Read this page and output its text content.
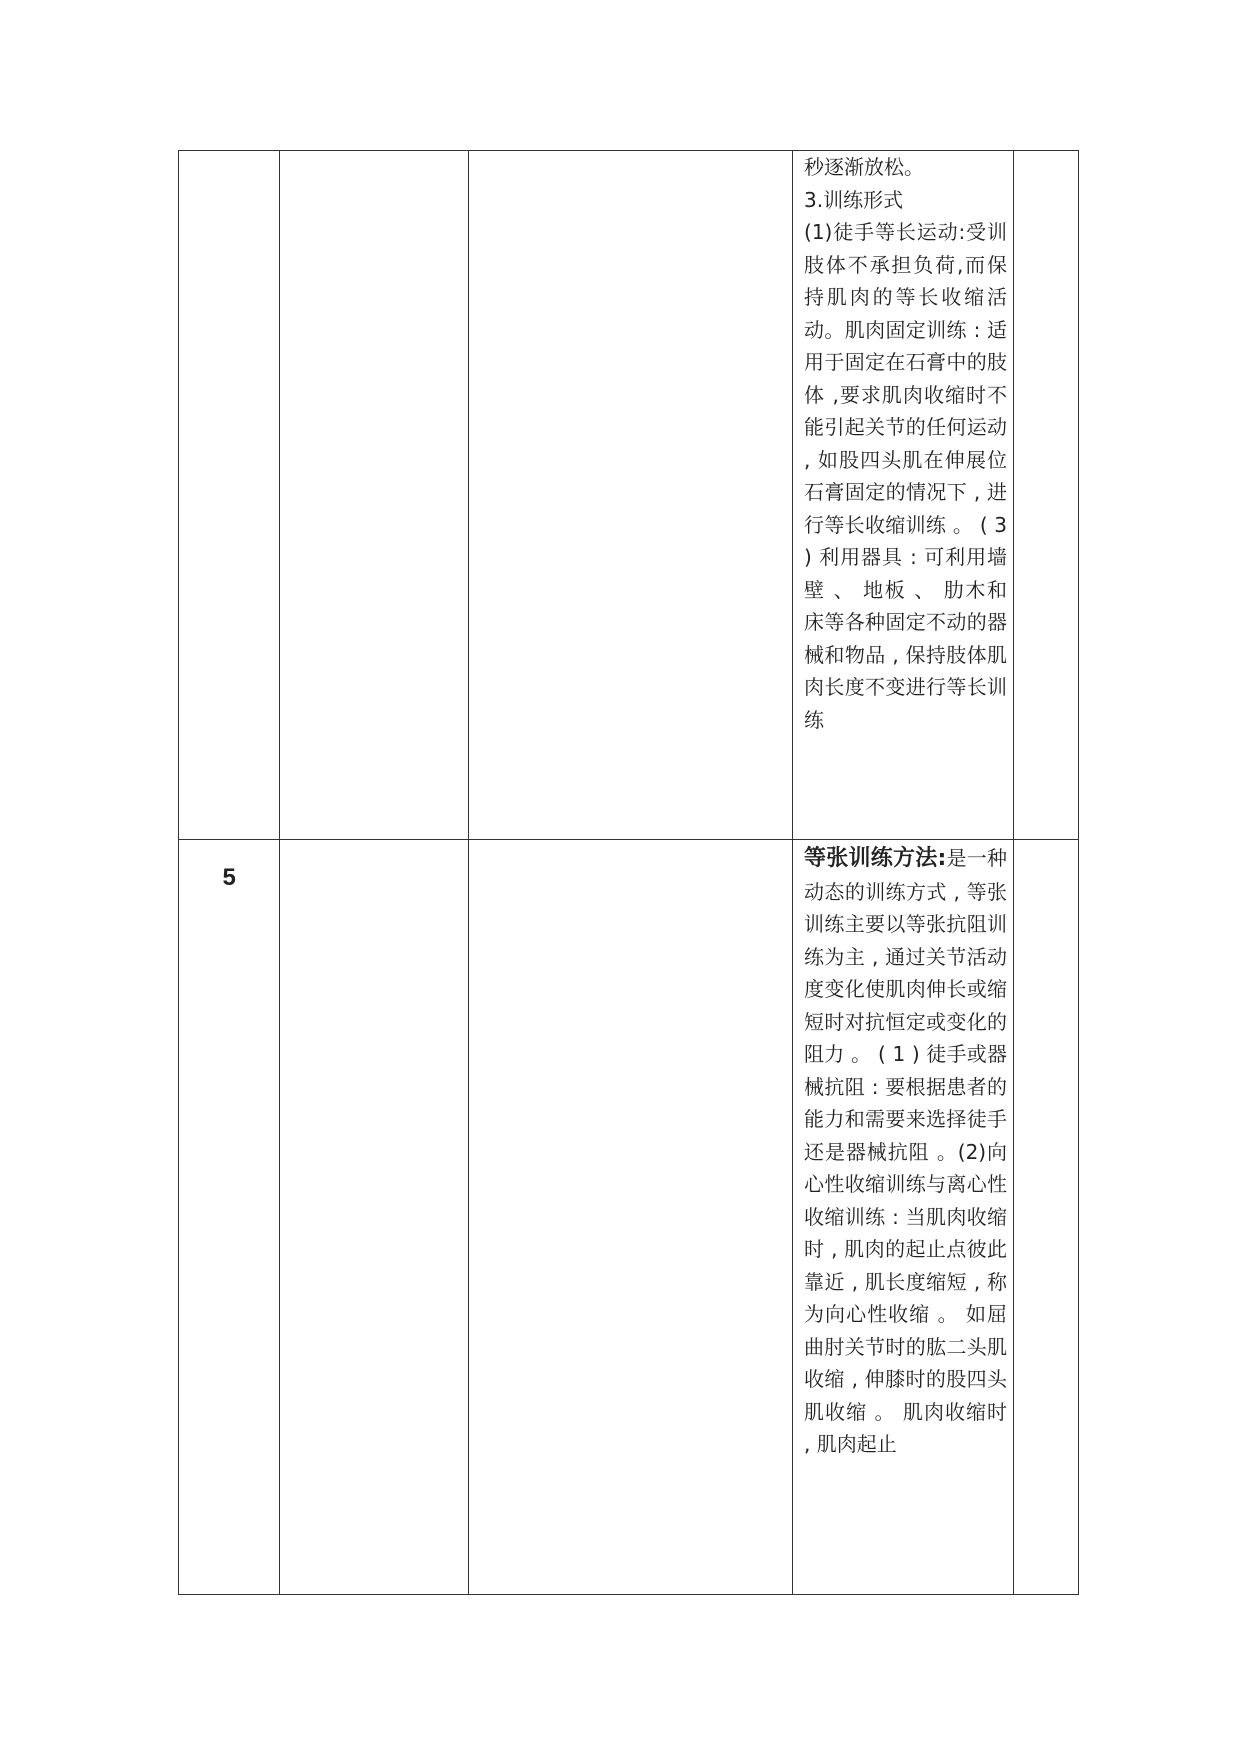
			秒逐渐放松。
3.训练形式
(1)徒手等长运动:受训肢体不承担负荷,而保持肌肉的等长收缩活动。肌肉固定训练 : 适用于固定在石膏中的肢体 ,要求肌肉收缩时不能引起关节的任何运动 , 如股四头肌在伸展位石膏固定的情况下 , 进行等长收缩训练 。 ( 3 ) 利用器具 : 可利用墙壁 、 地板 、 肋木和床等各种固定不动的器械和物品 , 保持肢体肌肉长度不变进行等长训练	

5			等张训练方法:是一种动态的训练方式 , 等张训练主要以等张抗阻训练为主 , 通过关节活动度变化使肌肉伸长或缩短时对抗恒定或变化的阻力 。 ( 1 ) 徒手或器械抗阻 : 要根据患者的能力和需要来选择徒手还是器械抗阻 。(2)向心性收缩训练与离心性收缩训练 : 当肌肉收缩时 , 肌肉的起止点彼此靠近 , 肌长度缩短 , 称为向心性收缩 。 如屈曲肘关节时的肱二头肌收缩 , 伸膝时的股四头肌收缩 。 肌肉收缩时 , 肌肉起止	
